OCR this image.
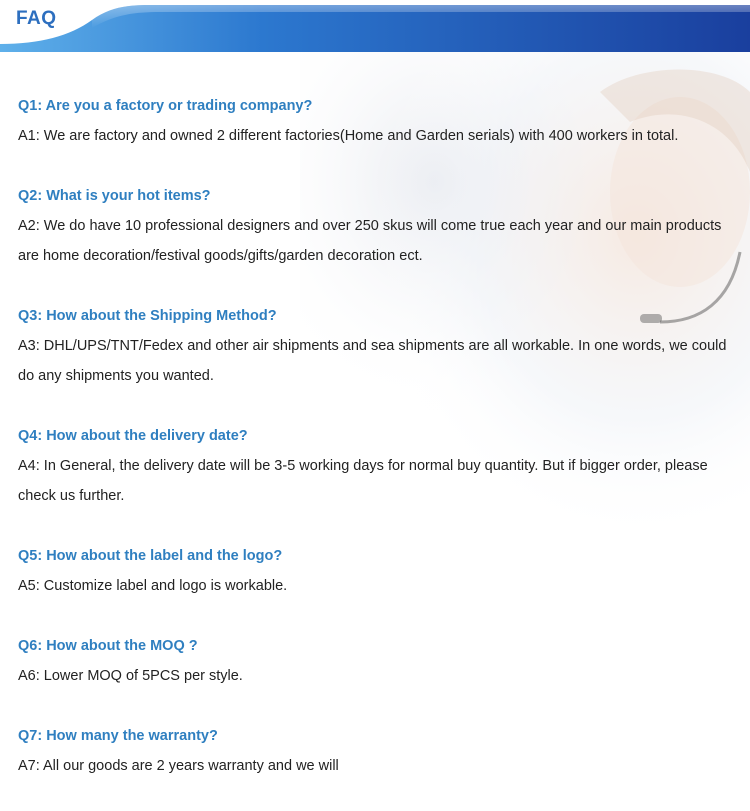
FAQ
Q1: Are you a factory or trading company?
A1: We are factory and owned 2 different factories(Home and Garden serials) with 400 workers in total.
Q2: What is your hot items?
A2: We do have 10 professional designers and over 250 skus will come true each year and our main products are home decoration/festival goods/gifts/garden decoration ect.
Q3: How about the Shipping Method?
A3: DHL/UPS/TNT/Fedex and other air shipments and sea shipments are all workable. In one words, we could do any shipments you wanted.
Q4: How about the delivery date?
A4: In General, the delivery date will be 3-5 working days for normal buy quantity. But if bigger order, please check us further.
Q5: How about the label and the logo?
A5: Customize label and logo is workable.
Q6: How about the MOQ ?
A6: Lower MOQ of 5PCS per style.
Q7: How many the warranty?
A7: All our goods are 2 years warranty and we will
